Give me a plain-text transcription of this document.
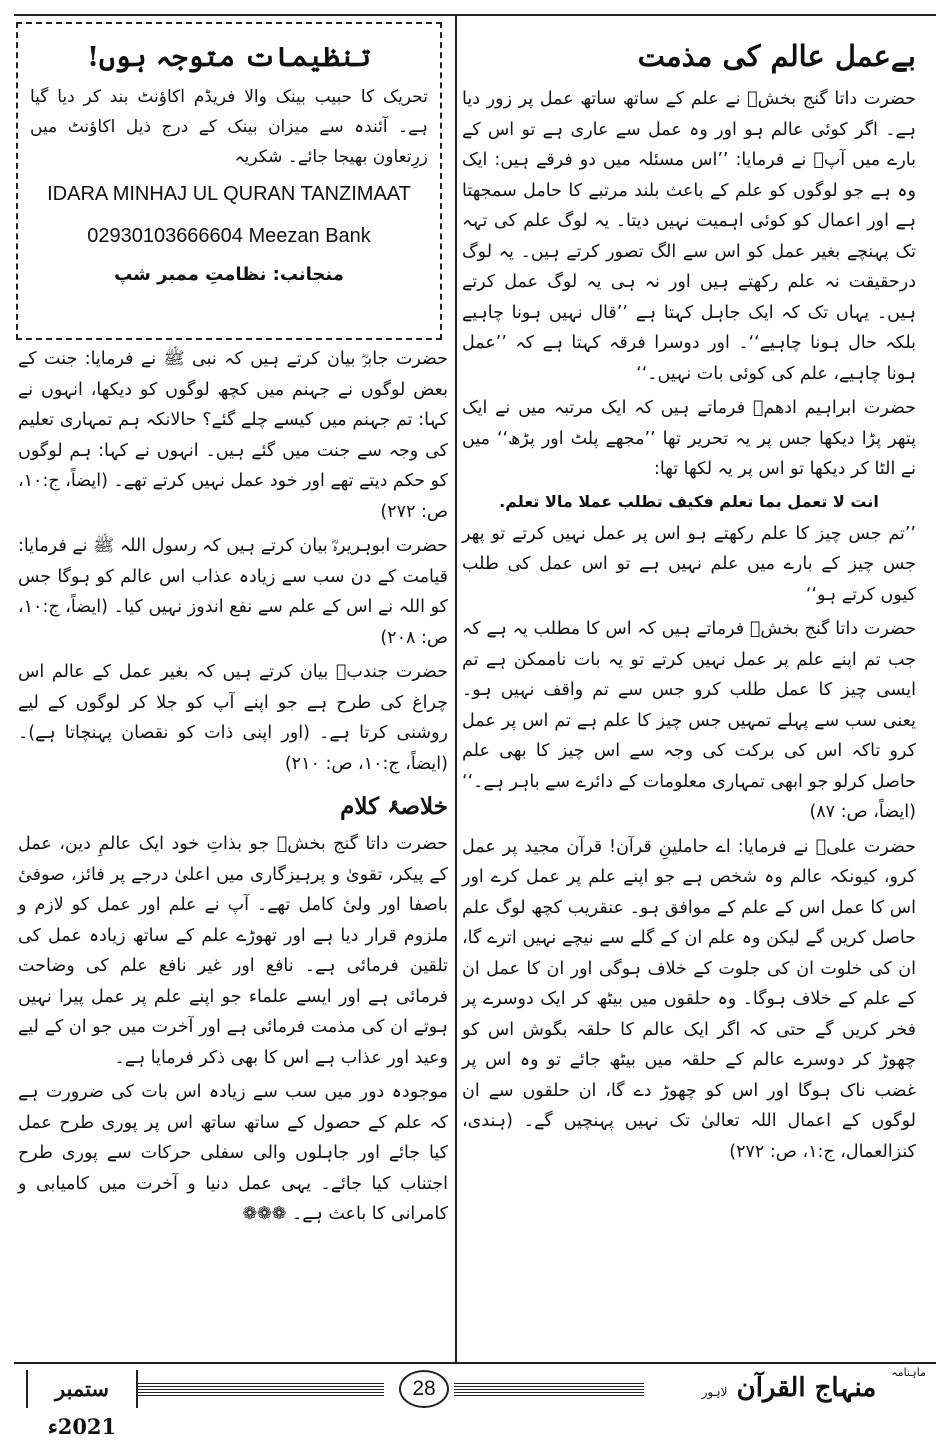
بےعمل عالم کی مذمت

حضرت داتا گنج بخشؒ نے علم کے ساتھ ساتھ عمل پر زور دیا ہے۔ اگر کوئی عالم ہو اور وہ عمل سے عاری ہے تو اس کے بارے میں آپؒ نے فرمایا: ’’اس مسئلہ میں دو فرقے ہیں: ایک وہ ہے جو لوگوں کو علم کے باعث بلند مرتبے کا حامل سمجھتا ہے اور اعمال کو کوئی اہمیت نہیں دیتا۔ یہ لوگ علم کی تہہ تک پہنچے بغیر عمل کو اس سے الگ تصور کرتے ہیں۔ یہ لوگ درحقیقت نہ علم رکھتے ہیں اور نہ ہی یہ لوگ عمل کرتے ہیں۔ یہاں تک کہ ایک جاہل کہتا ہے ’’قال نہیں ہونا چاہیے بلکہ حال ہونا چاہیے‘‘۔ اور دوسرا فرقہ کہتا ہے کہ ’’عمل ہونا چاہیے، علم کی کوئی بات نہیں۔‘‘

حضرت ابراہیم ادھمؒ فرماتے ہیں کہ ایک مرتبہ میں نے ایک پتھر پڑا دیکھا جس پر یہ تحریر تھا ’’مجھے پلٹ اور پڑھ‘‘ میں نے الٹا کر دیکھا تو اس پر یہ لکھا تھا:

انت لا تعمل بما تعلم فكيف تطلب عملا مالا تعلم.

’’تم جس چیز کا علم رکھتے ہو اس پر عمل نہیں کرتے تو پھر جس چیز کے بارے میں علم نہیں ہے تو اس عمل کی طلب کیوں کرتے ہو‘‘

حضرت داتا گنج بخشؒ فرماتے ہیں کہ اس کا مطلب یہ ہے کہ جب تم اپنے علم پر عمل نہیں کرتے تو یہ بات ناممکن ہے تم ایسی چیز کا عمل طلب کرو جس سے تم واقف نہیں ہو۔ یعنی سب سے پہلے تمہیں جس چیز کا علم ہے تم اس پر عمل کرو تاکہ اس کی برکت کی وجہ سے اس چیز کا بھی علم حاصل کرلو جو ابھی تمہاری معلومات کے دائرے سے باہر ہے۔‘‘ (ایضاً، ص: ۸۷)

حضرت علیؓ نے فرمایا: اے حاملینِ قرآن! قرآن مجید پر عمل کرو، کیونکہ عالم وہ شخص ہے جو اپنے علم پر عمل کرے اور اس کا عمل اس کے علم کے موافق ہو۔ عنقریب کچھ لوگ علم حاصل کریں گے لیکن وہ علم ان کے گلے سے نیچے نہیں اترے گا، ان کی خلوت ان کی جلوت کے خلاف ہوگی اور ان کا عمل ان کے علم کے خلاف ہوگا۔ وہ حلقوں میں بیٹھ کر ایک دوسرے پر فخر کریں گے حتی کہ اگر ایک عالم کا حلقہ بگوش اس کو چھوڑ کر دوسرے عالم کے حلقہ میں بیٹھ جائے تو وہ اس پر غضب ناک ہوگا اور اس کو چھوڑ دے گا، ان حلقوں سے ان لوگوں کے اعمال اللہ تعالیٰ تک نہیں پہنچیں گے۔ (ہندی، کنزالعمال، ج:۱، ص: ۲۷۲)

تنظیمات متوجہ ہوں!

تحریک کا حبیب بینک والا فریڈم اکاؤنٹ بند کر دیا گیا ہے۔ آئندہ سے میزان بینک کے درج ذیل اکاؤنٹ میں زرِتعاون بھیجا جائے۔ شکریہ

IDARA MINHAJ UL QURAN TANZIMAAT
02930103666604 Meezan Bank
منجانب: نظامتِ ممبر شپ

حضرت جابرؓ بیان کرتے ہیں کہ نبی ﷺ نے فرمایا: جنت کے بعض لوگوں نے جہنم میں کچھ لوگوں کو دیکھا، انہوں نے کہا: تم جہنم میں کیسے چلے گئے؟ حالانکہ ہم تمہاری تعلیم کی وجہ سے جنت میں گئے ہیں۔ انہوں نے کہا: ہم لوگوں کو حکم دیتے تھے اور خود عمل نہیں کرتے تھے۔ (ایضاً، ج:۱۰، ص: ۲۷۲)

حضرت ابوہریرہؓ بیان کرتے ہیں کہ رسول اللہ ﷺ نے فرمایا: قیامت کے دن سب سے زیادہ عذاب اس عالم کو ہوگا جس کو اللہ نے اس کے علم سے نفع اندوز نہیں کیا۔ (ایضاً، ج:۱۰، ص: ۲۰۸)

حضرت جندبؓ بیان کرتے ہیں کہ بغیر عمل کے عالم اس چراغ کی طرح ہے جو اپنے آپ کو جلا کر لوگوں کے لیے روشنی کرتا ہے۔ (اور اپنی ذات کو نقصان پہنچاتا ہے)۔ (ایضاً، ج:۱۰، ص: ۲۱۰)

خلاصۂ کلام

حضرت داتا گنج بخشؒ جو بذاتِ خود ایک عالمِ دین، عمل کے پیکر، تقویٰ و پرہیزگاری میں اعلیٰ درجے پر فائز، صوفیٔ باصفا اور ولیٔ کامل تھے۔ آپ نے علم اور عمل کو لازم و ملزوم قرار دیا ہے اور تھوڑے علم کے ساتھ زیادہ عمل کی تلقین فرمائی ہے۔ نافع اور غیر نافع علم کی وضاحت فرمائی ہے اور ایسے علماء جو اپنے علم پر عمل پیرا نہیں ہوتے ان کی مذمت فرمائی ہے اور آخرت میں جو ان کے لیے وعید اور عذاب ہے اس کا بھی ذکر فرمایا ہے۔

موجودہ دور میں سب سے زیادہ اس بات کی ضرورت ہے کہ علم کے حصول کے ساتھ ساتھ اس پر پوری طرح عمل کیا جائے اور جاہلوں والی سفلی حرکات سے پوری طرح اجتناب کیا جائے۔ یہی عمل دنیا و آخرت میں کامیابی و کامرانی کا باعث ہے۔ ❁❁❁

ستمبر 2021ء
28
ماہنامہ
منہاج القرآن لاہور
